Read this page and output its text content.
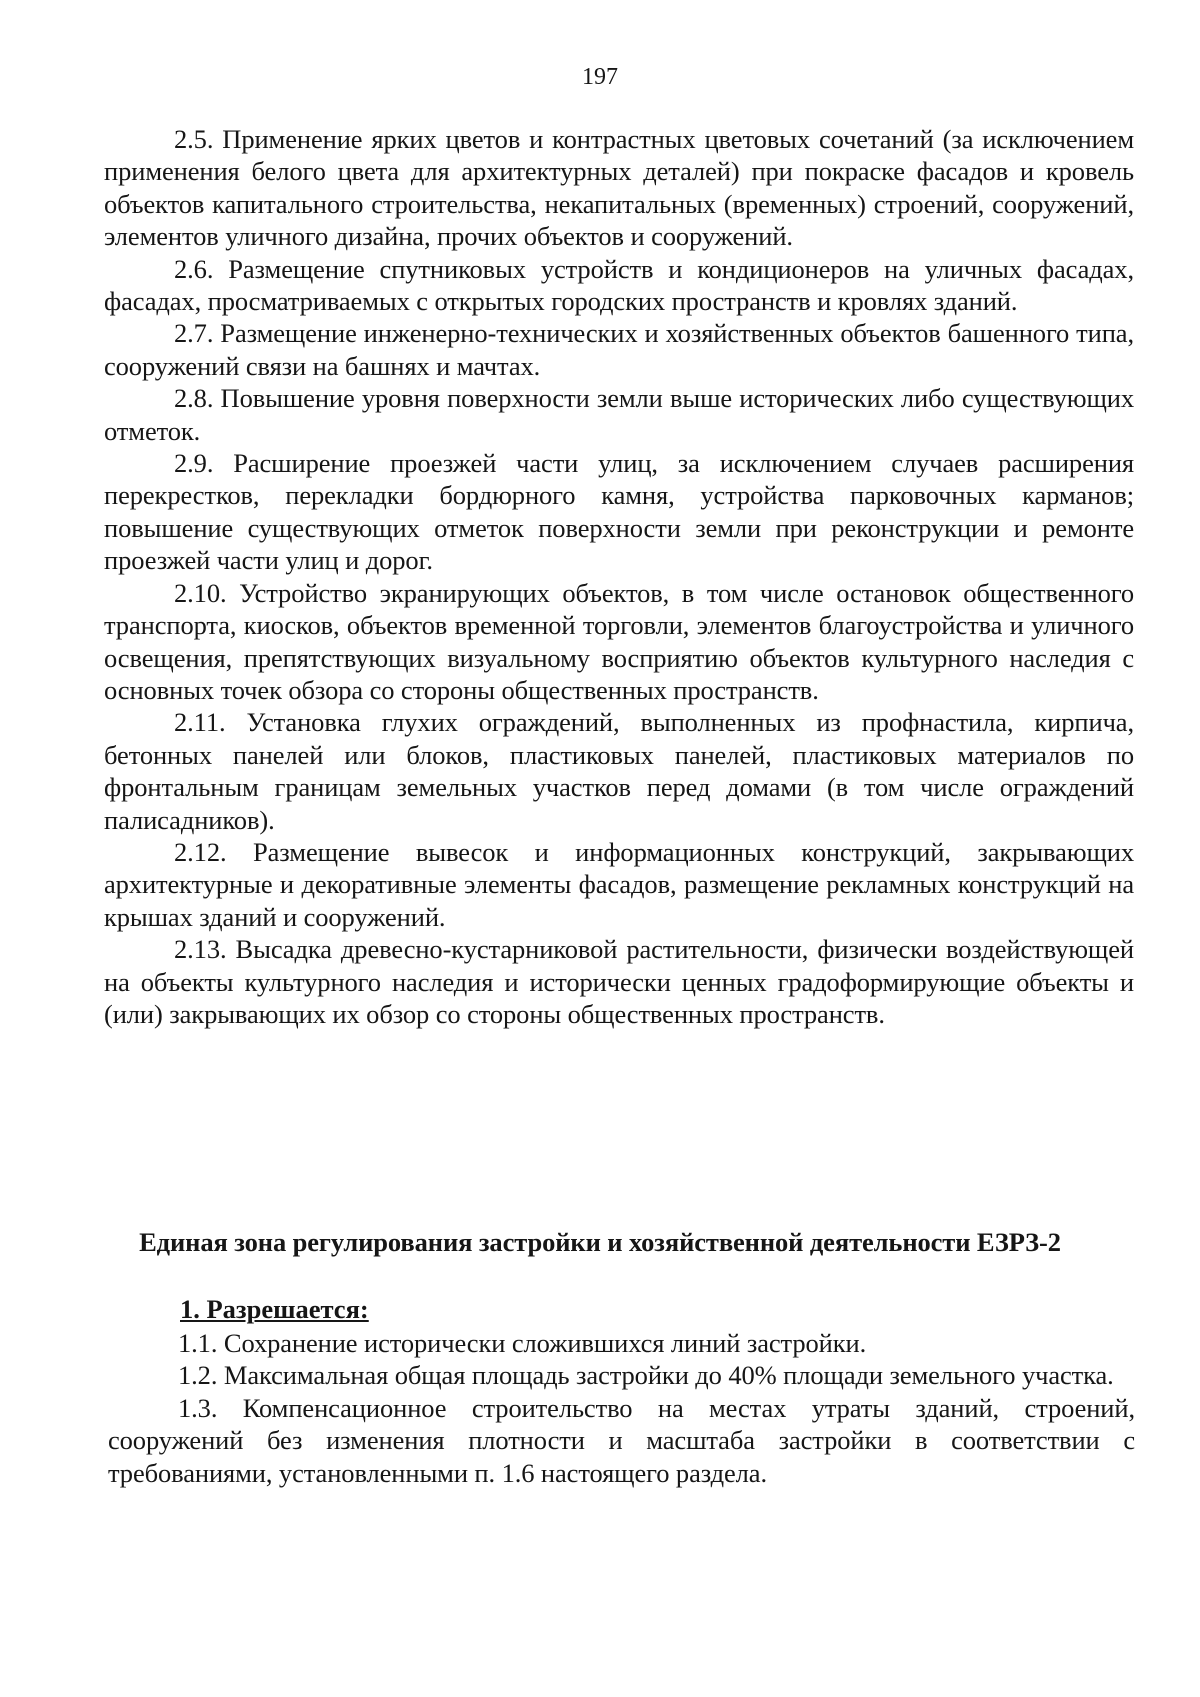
197

2.5. Применение ярких цветов и контрастных цветовых сочетаний (за исключением применения белого цвета для архитектурных деталей) при покраске фасадов и кровель объектов капитального строительства, некапитальных (временных) строений, сооружений, элементов уличного дизайна, прочих объектов и сооружений.

2.6. Размещение спутниковых устройств и кондиционеров на уличных фасадах, фасадах, просматриваемых с открытых городских пространств и кровлях зданий.

2.7. Размещение инженерно-технических и хозяйственных объектов башенного типа, сооружений связи на башнях и мачтах.

2.8. Повышение уровня поверхности земли выше исторических либо существующих отметок.

2.9. Расширение проезжей части улиц, за исключением случаев расширения перекрестков, перекладки бордюрного камня, устройства парковочных карманов; повышение существующих отметок поверхности земли при реконструкции и ремонте проезжей части улиц и дорог.

2.10. Устройство экранирующих объектов, в том числе остановок общественного транспорта, киосков, объектов временной торговли, элементов благоустройства и уличного освещения, препятствующих визуальному восприятию объектов культурного наследия с основных точек обзора со стороны общественных пространств.

2.11. Установка глухих ограждений, выполненных из профнастила, кирпича, бетонных панелей или блоков, пластиковых панелей, пластиковых материалов по фронтальным границам земельных участков перед домами (в том числе ограждений палисадников).

2.12. Размещение вывесок и информационных конструкций, закрывающих архитектурные и декоративные элементы фасадов, размещение рекламных конструкций на крышах зданий и сооружений.

2.13. Высадка древесно-кустарниковой растительности, физически воздействующей на объекты культурного наследия и исторически ценных градоформирующие объекты и (или) закрывающих их обзор со стороны общественных пространств.

Единая зона регулирования застройки и хозяйственной деятельности ЕЗРЗ-2

1. Разрешается:

1.1. Сохранение исторически сложившихся линий застройки.

1.2. Максимальная общая площадь застройки до 40% площади земельного участка.

1.3. Компенсационное строительство на местах утраты зданий, строений, сооружений без изменения плотности и масштаба застройки в соответствии с требованиями, установленными п. 1.6 настоящего раздела.
